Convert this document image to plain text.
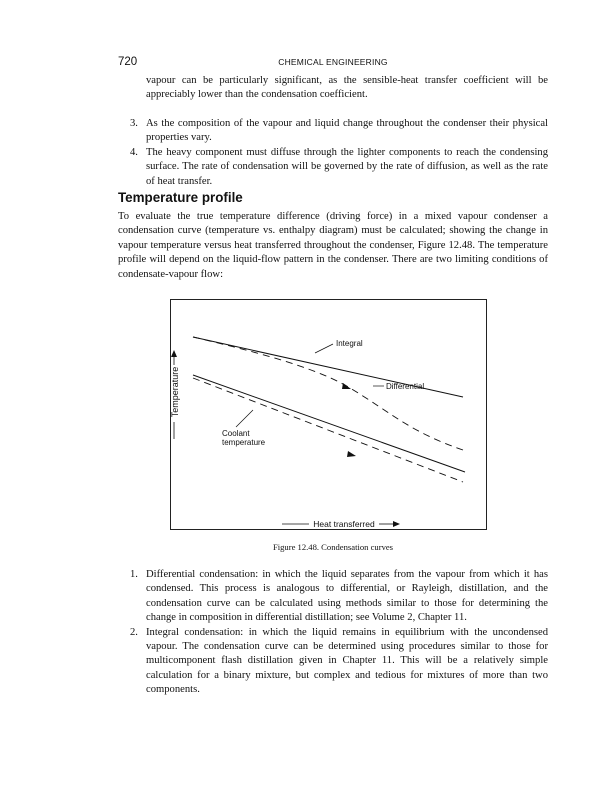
720	CHEMICAL ENGINEERING
vapour can be particularly significant, as the sensible-heat transfer coefficient will be appreciably lower than the condensation coefficient.
3. As the composition of the vapour and liquid change throughout the condenser their physical properties vary.
4. The heavy component must diffuse through the lighter components to reach the condensing surface. The rate of condensation will be governed by the rate of diffusion, as well as the rate of heat transfer.
Temperature profile
To evaluate the true temperature difference (driving force) in a mixed vapour condenser a condensation curve (temperature vs. enthalpy diagram) must be calculated; showing the change in vapour temperature versus heat transferred throughout the condenser, Figure 12.48. The temperature profile will depend on the liquid-flow pattern in the condenser. There are two limiting conditions of condensate-vapour flow:
Temperature
Integral
Differential
Coolant temperature
Heat transferred
Figure 12.48. Condensation curves
1. Differential condensation: in which the liquid separates from the vapour from which it has condensed. This process is analogous to differential, or Rayleigh, distillation, and the condensation curve can be calculated using methods similar to those for determining the change in composition in differential distillation; see Volume 2, Chapter 11.
2. Integral condensation: in which the liquid remains in equilibrium with the uncondensed vapour. The condensation curve can be determined using procedures similar to those for multicomponent flash distillation given in Chapter 11. This will be a relatively simple calculation for a binary mixture, but complex and tedious for mixtures of more than two components.
